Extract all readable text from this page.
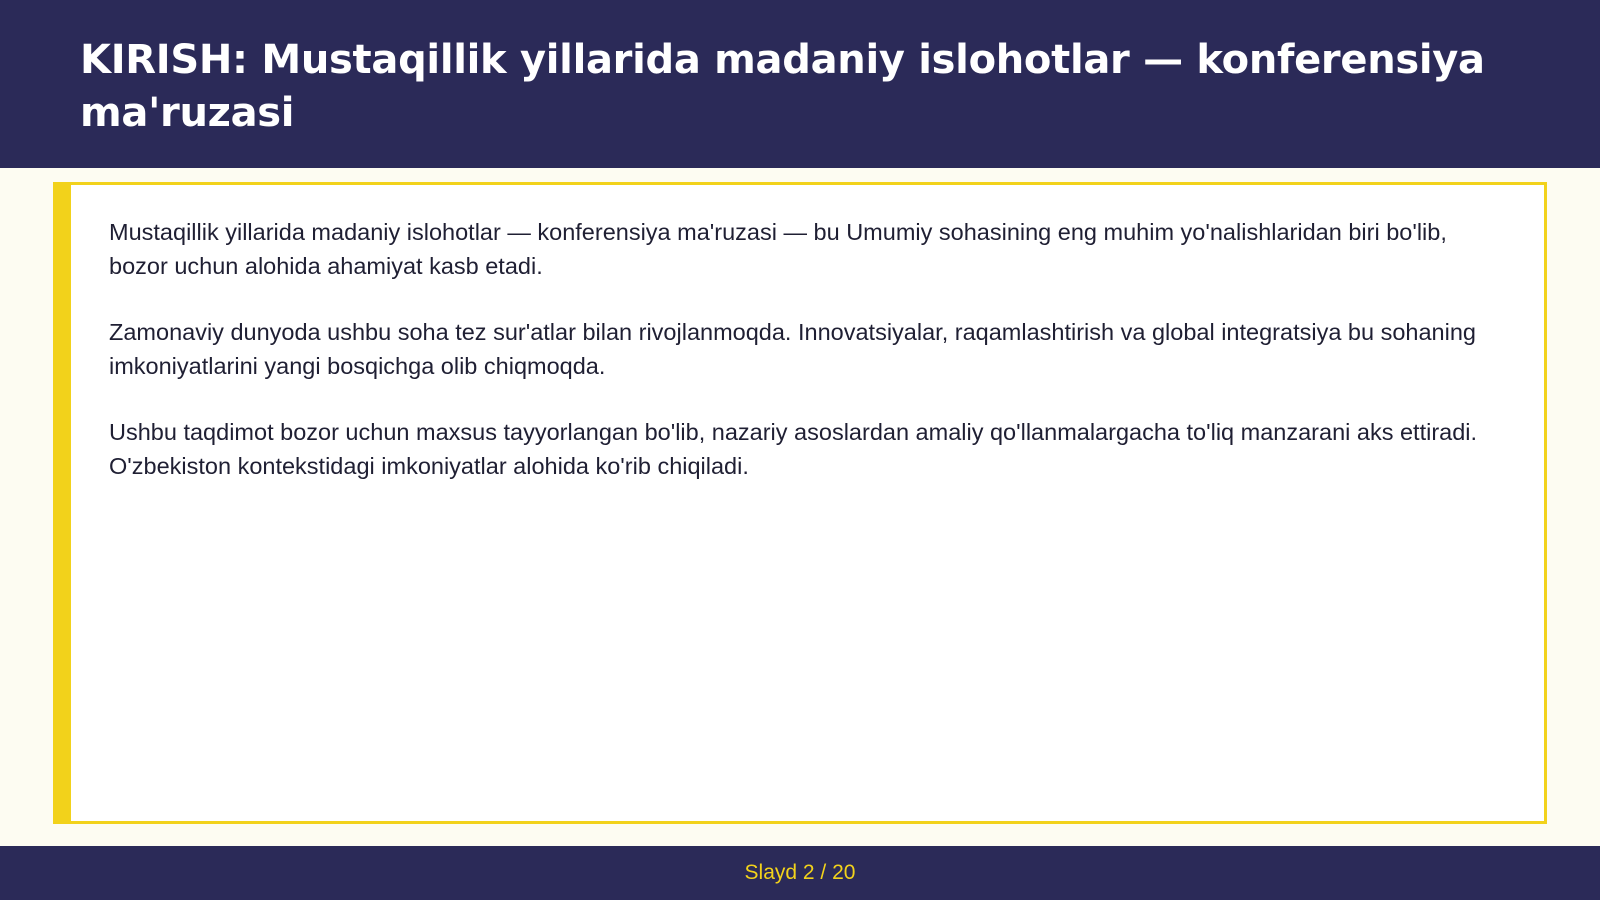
KIRISH: Mustaqillik yillarida madaniy islohotlar — konferensiya ma'ruzasi

Mustaqillik yillarida madaniy islohotlar — konferensiya ma'ruzasi — bu Umumiy sohasining eng muhim yo'nalishlaridan biri bo'lib, bozor uchun alohida ahamiyat kasb etadi.

Zamonaviy dunyoda ushbu soha tez sur'atlar bilan rivojlanmoqda. Innovatsiyalar, raqamlashtirish va global integratsiya bu sohaning imkoniyatlarini yangi bosqichga olib chiqmoqda.

Ushbu taqdimot bozor uchun maxsus tayyorlangan bo'lib, nazariy asoslardan amaliy qo'llanmalargacha to'liq manzarani aks ettiradi. O'zbekiston kontekstidagi imkoniyatlar alohida ko'rib chiqiladi.

Slayd 2 / 20
